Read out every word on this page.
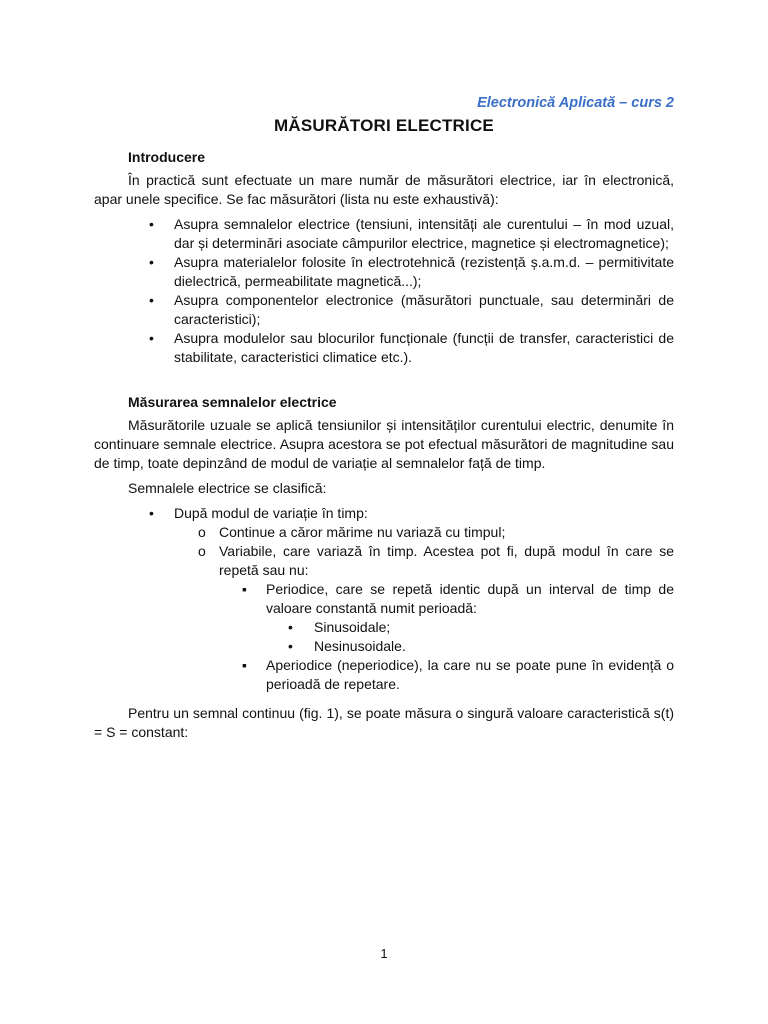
Electronică Aplicată – curs 2
MĂSURĂTORI ELECTRICE
Introducere

În practică sunt efectuate un mare număr de măsurători electrice, iar în electronică, apar unele specifice. Se fac măsurători (lista nu este exhaustivă):

• Asupra semnalelor electrice (tensiuni, intensități ale curentului – în mod uzual, dar și determinări asociate câmpurilor electrice, magnetice și electromagnetice);
• Asupra materialelor folosite în electrotehnică (rezistență ș.a.m.d. – permitivitate dielectrică, permeabilitate magnetică...);
• Asupra componentelor electronice (măsurători punctuale, sau determinări de caracteristici);
• Asupra modulelor sau blocurilor funcționale (funcții de transfer, caracteristici de stabilitate, caracteristici climatice etc.).
Măsurarea semnalelor electrice

Măsurătorile uzuale se aplică tensiunilor și intensităților curentului electric, denumite în continuare semnale electrice. Asupra acestora se pot efectual măsurători de magnitudine sau de timp, toate depinzând de modul de variație al semnalelor față de timp.

Semnalele electrice se clasifică:

• După modul de variație în timp:
o Continue a căror mărime nu variază cu timpul;
o Variabile, care variază în timp. Acestea pot fi, după modul în care se repetă sau nu:
▪ Periodice, care se repetă identic după un interval de timp de valoare constantă numit perioadă:
• Sinusoidale;
• Nesinusoidale.
▪ Aperiodice (neperiodice), la care nu se poate pune în evidență o perioadă de repetare.

Pentru un semnal continuu (fig. 1), se poate măsura o singură valoare caracteristică s(t) = S = constant:

1
